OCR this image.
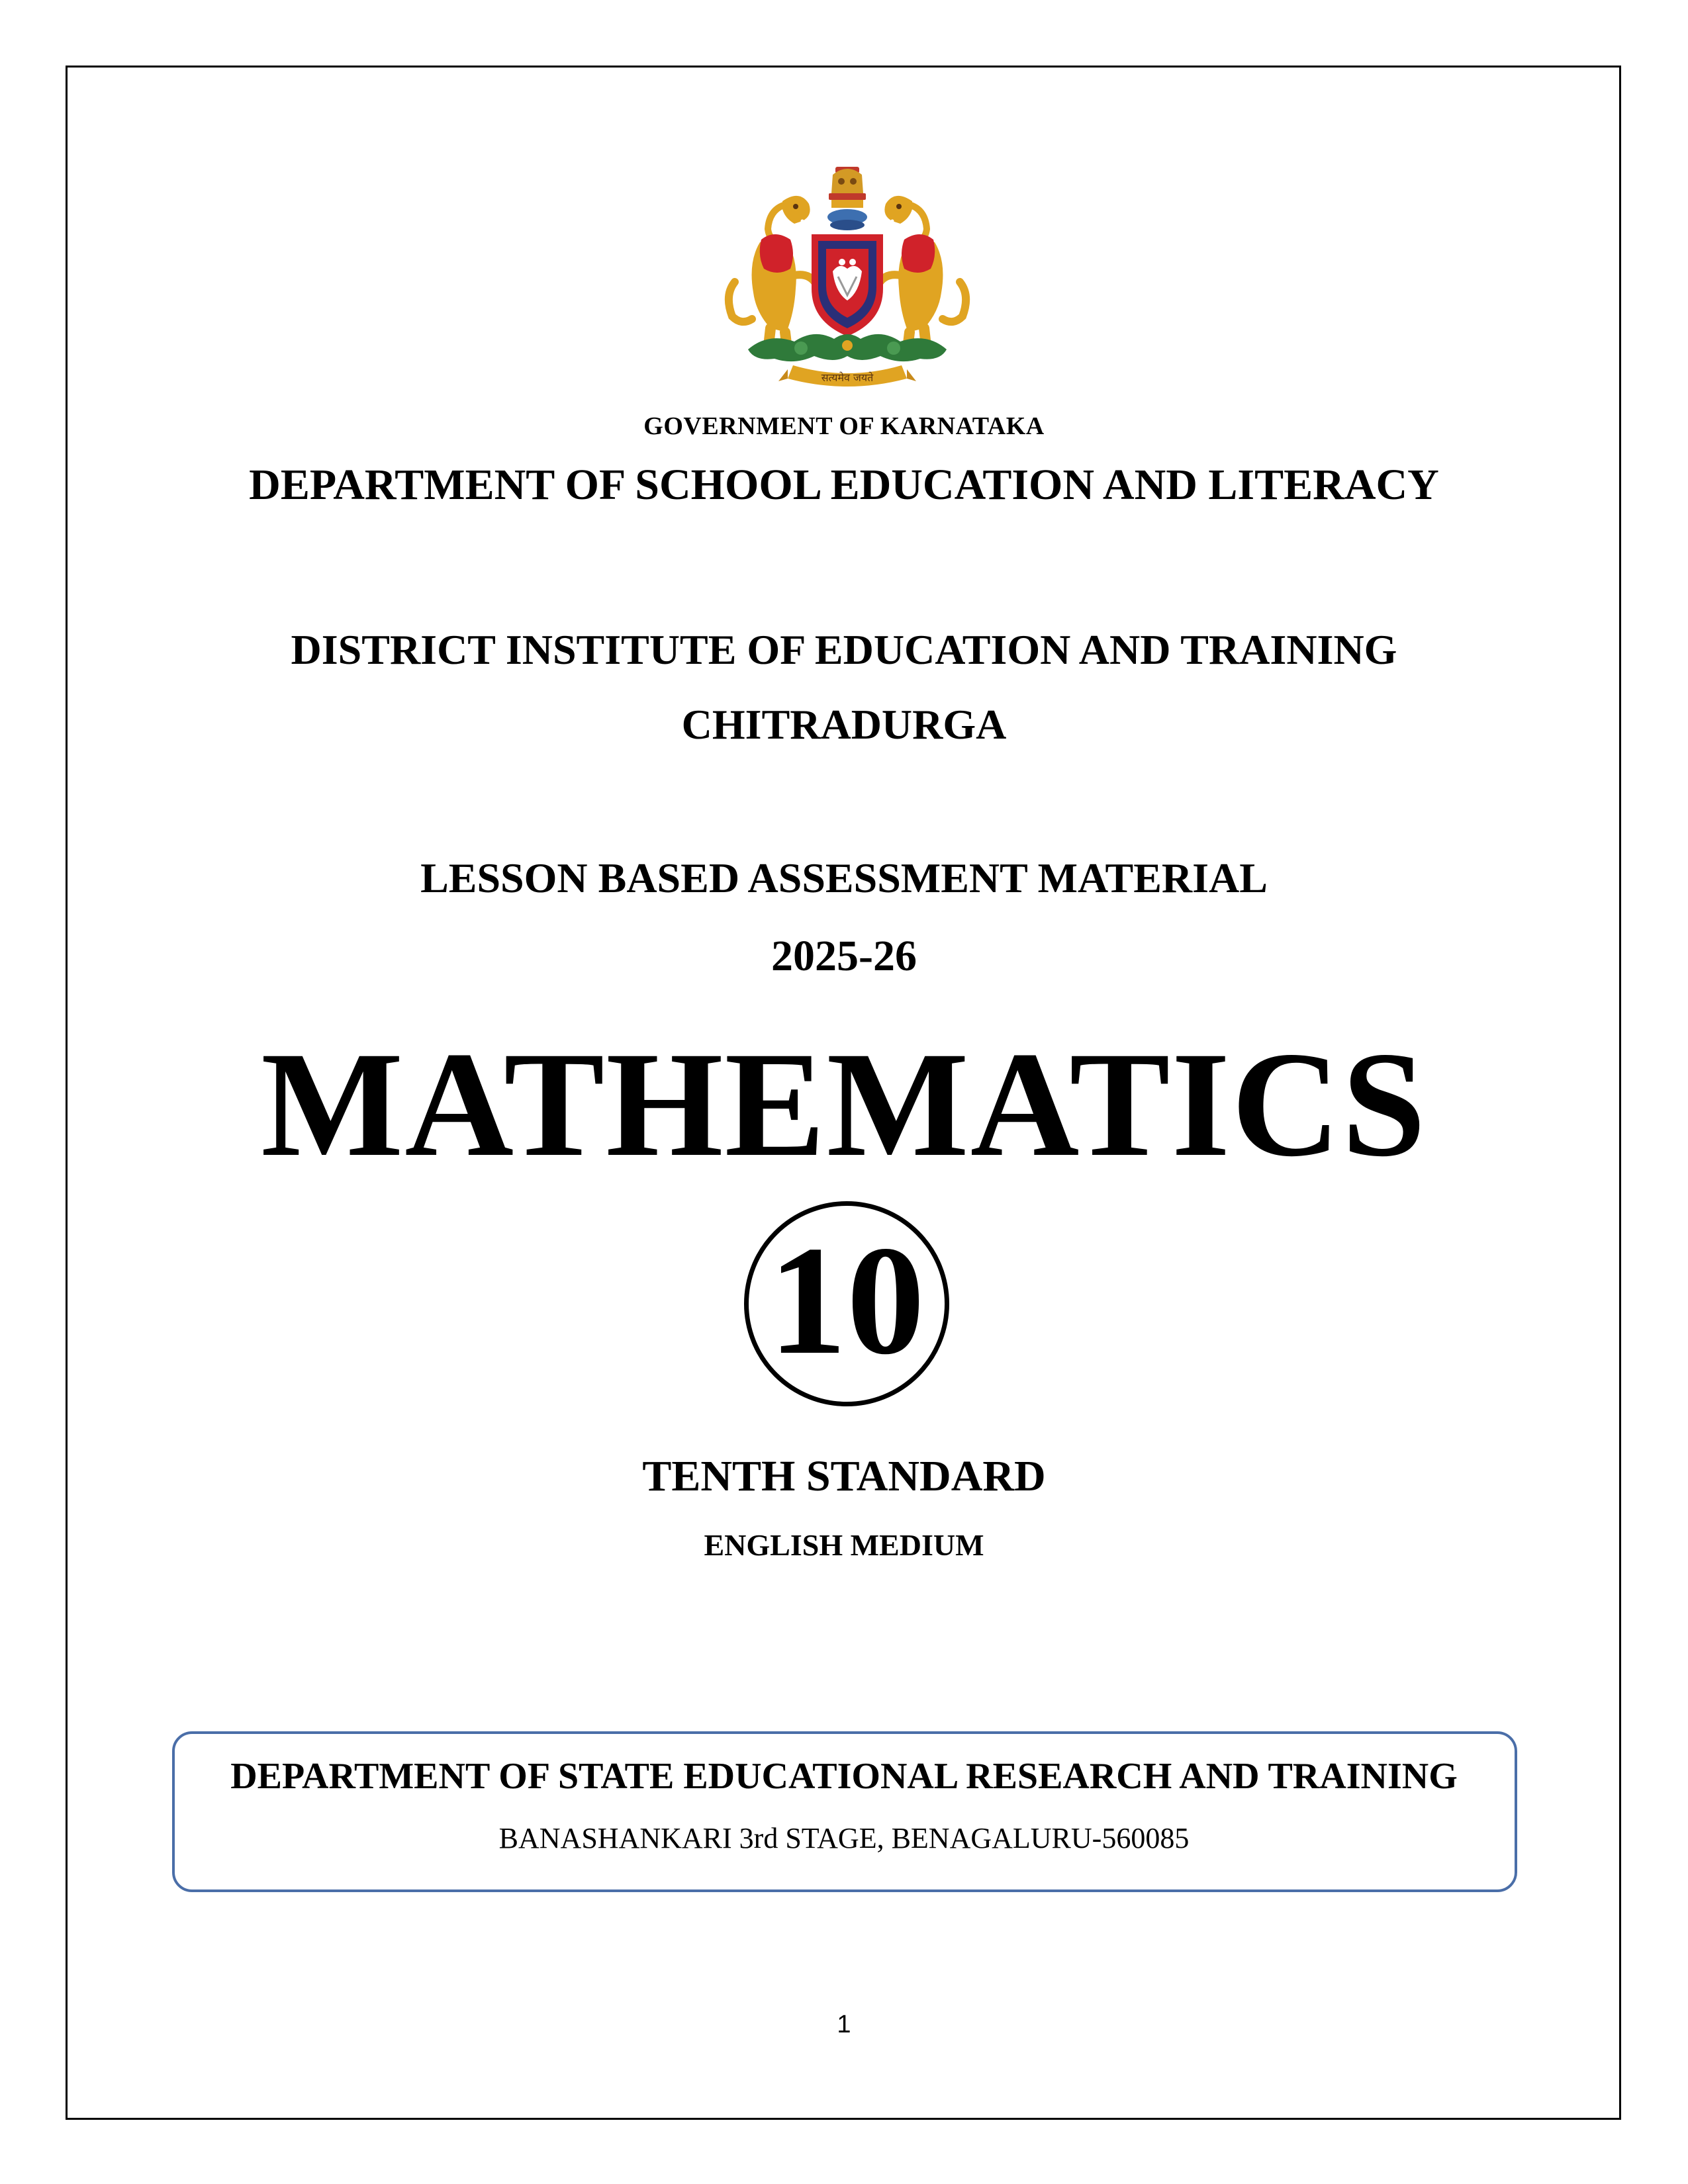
सत्यमेव जयते
GOVERNMENT OF KARNATAKA
DEPARTMENT OF SCHOOL EDUCATION AND LITERACY
DISTRICT INSTITUTE OF EDUCATION AND TRAINING
CHITRADURGA
LESSON BASED ASSESSMENT MATERIAL
2025-26
MATHEMATICS
10
TENTH STANDARD
ENGLISH MEDIUM
DEPARTMENT OF STATE EDUCATIONAL RESEARCH AND TRAINING
BANASHANKARI 3rd STAGE, BENAGALURU-560085
1
